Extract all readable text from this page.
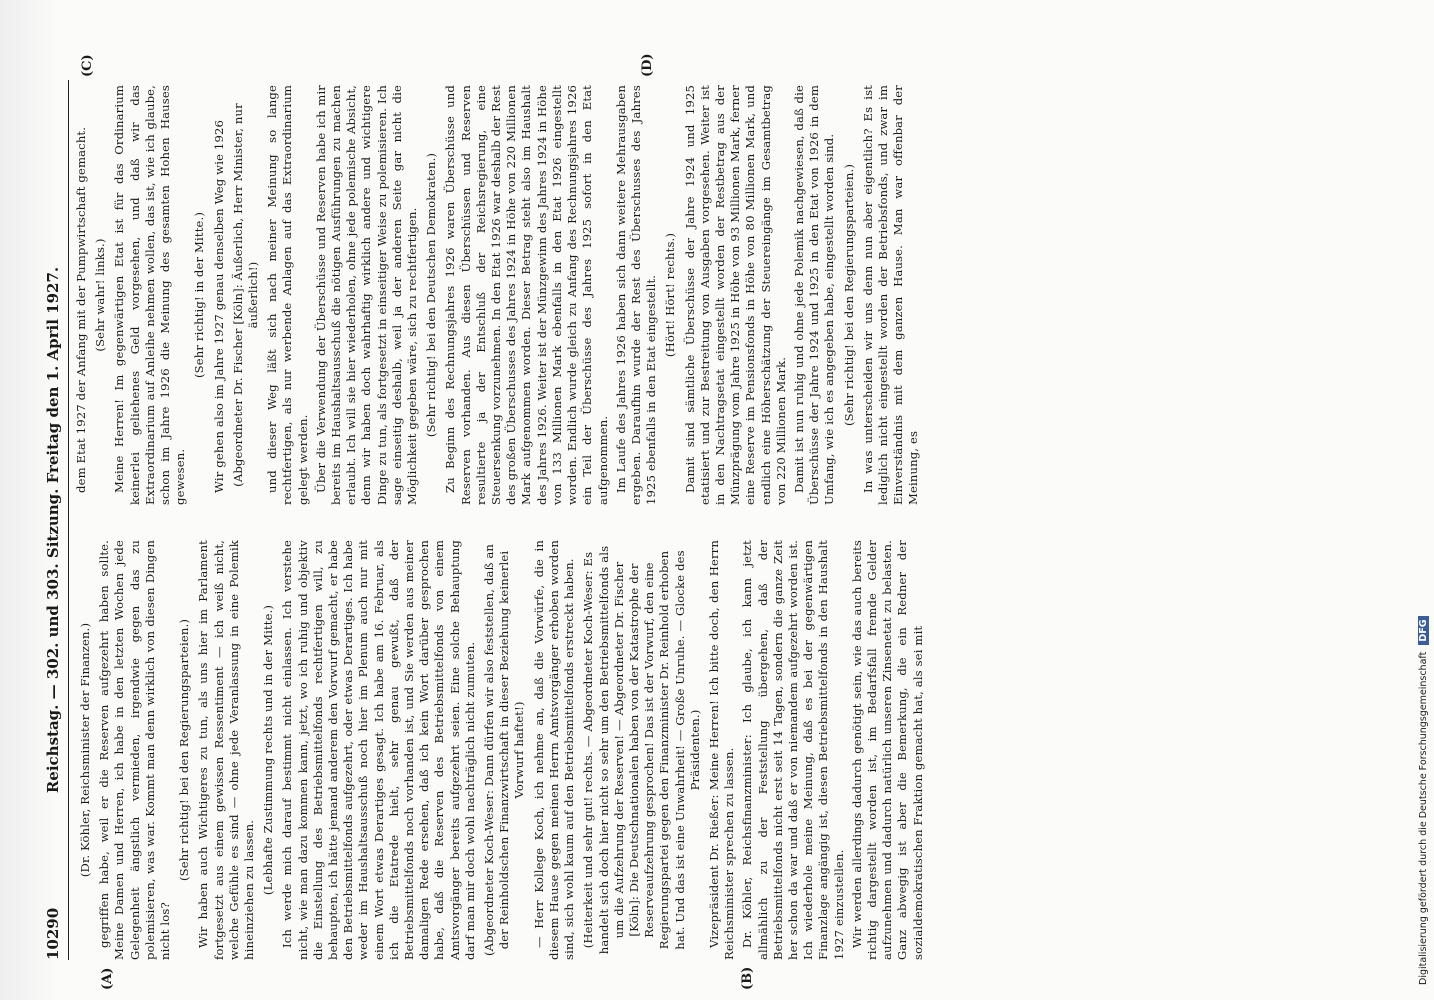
10290
Reichstag. — 302. und 303. Sitzung. Freitag den 1. April 1927.
(A)	(B)
(C)	(D)

(Dr. Köhler, Reichsminister der Finanzen.) gegriffen habe, weil er die Reserven aufgezehrt haben sollte. Meine Damen und Herren, ich habe in den letzten Wochen jede Gelegenheit ängstlich vermieden, irgendwie gegen das zu polemisieren, was war. Kommt man denn wirklich von diesen Dingen nicht los?

(Sehr richtig! bei den Regierungsparteien.) Wir haben auch Wichtigeres zu tun, als uns hier im Parlament fortgesetzt aus einem gewissen Ressentiment — ich weiß nicht, welche Gefühle es sind — ohne jede Veranlassung in eine Polemik hineinziehen zu lassen. (Lebhafte Zustimmung rechts und in der Mitte.) Ich werde mich darauf bestimmt nicht einlassen. Ich verstehe nicht, wie man dazu kommen kann, jetzt, wo ich ruhig und objektiv die Einstellung des Betriebsmittelfonds rechtfertigen will, zu behaupten, ich hätte jemand anderem den Vorwurf gemacht, er habe den Betriebsmittelfonds aufgezehrt, oder etwas Derartiges. Ich habe weder im Haushaltsausschuß noch hier im Plenum auch nur mit einem Wort etwas Derartiges gesagt. Ich habe am 16. Februar, als ich die Etatrede hielt, sehr genau gewußt, daß der Betriebsmittelfonds noch vorhanden ist, und Sie werden aus meiner damaligen Rede ersehen, daß ich kein Wort darüber gesprochen habe, daß die Reserven des Betriebsmittelfonds von einem Amtsvorgänger bereits aufgezehrt seien. Eine solche Behauptung darf man mir doch wohl nachträglich nicht zumuten. (Abgeordneter Koch-Weser: Dann dürfen wir also feststellen, daß an der Reinholdschen Finanzwirtschaft in dieser Beziehung keinerlei Vorwurf haftet!) — Herr Kollege Koch, ich nehme an, daß die Vorwürfe, die in diesem Hause gegen meinen Herrn Amtsvorgänger erhoben worden sind, sich wohl kaum auf den Betriebsmittelfonds erstreckt haben. (Heiterkeit und sehr gut! rechts. — Abgeordneter Koch-Weser: Es handelt sich doch hier nicht so sehr um den Betriebsmittelfonds als um die Aufzehrung der Reserven! — Abgeordneter Dr. Fischer [Köln]: Die Deutschnationalen haben von der Katastrophe der Reserveaufzehrung gesprochen! Das ist der Vorwurf, den eine Regierungspartei gegen den Finanzminister Dr. Reinhold erhoben hat. Und das ist eine Unwahrheit! — Große Unruhe. — Glocke des Präsidenten.) Vizepräsident Dr. Rießer: Meine Herren! Ich bitte doch, den Herrn Reichsminister sprechen zu lassen. Dr. Köhler, Reichsfinanzminister: Ich glaube, ich kann jetzt allmählich zu der Feststellung übergehen, daß der Betriebsmittelfonds nicht erst seit 14 Tagen, sondern die ganze Zeit her schon da war und daß er von niemandem aufgezehrt worden ist. Ich wiederhole meine Meinung, daß es bei der gegenwärtigen Finanzlage angängig ist, diesen Betriebsmittelfonds in den Haushalt 1927 einzustellen. Wir werden allerdings dadurch genötigt sein, wie das auch bereits richtig dargestellt worden ist, im Bedarfsfall fremde Gelder aufzunehmen und dadurch natürlich unseren Zinsenetat zu belasten. Ganz abwegig ist aber die Bemerkung, die ein Redner der sozialdemokratischen Fraktion gemacht hat, als sei mit

dem Etat 1927 der Anfang mit der Pumpwirtschaft gemacht. (Sehr wahr! links.) Meine Herren! Im gegenwärtigen Etat ist für das Ordinarium keinerlei geliehenes Geld vorgesehen, und daß wir das Extraordinarium auf Anleihe nehmen wollen, das ist, wie ich glaube, schon im Jahre 1926 die Meinung des gesamten Hohen Hauses gewesen.

(Sehr richtig! in der Mitte.) Wir gehen also im Jahre 1927 genau denselben Weg wie 1926 (Abgeordneter Dr. Fischer [Köln]: Äußerlich, Herr Minister, nur äußerlich!) und dieser Weg läßt sich nach meiner Meinung so lange rechtfertigen, als nur werbende Anlagen auf das Extraordinarium gelegt werden. Über die Verwendung der Überschüsse und Reserven habe ich mir bereits im Haushaltsausschuß die nötigen Ausführungen zu machen erlaubt. Ich will sie hier wiederholen, ohne jede polemische Absicht, denn wir haben doch wahrhaftig wirklich andere und wichtigere Dinge zu tun, als fortgesetzt in einseitiger Weise zu polemisieren. Ich sage einseitig deshalb, weil ja der anderen Seite gar nicht die Möglichkeit gegeben wäre, sich zu rechtfertigen. (Sehr richtig! bei den Deutschen Demokraten.) Zu Beginn des Rechnungsjahres 1926 waren Überschüsse und Reserven vorhanden. Aus diesen Überschüssen und Reserven resultierte ja der Entschluß der Reichsregierung, eine Steuersenkung vorzunehmen. In den Etat 1926 war deshalb der Rest des großen Überschusses des Jahres 1924 in Höhe von 220 Millionen Mark aufgenommen worden. Dieser Betrag steht also im Haushalt des Jahres 1926. Weiter ist der Münzgewinn des Jahres 1924 in Höhe von 133 Millionen Mark ebenfalls in den Etat 1926 eingestellt worden. Endlich wurde gleich zu Anfang des Rechnungsjahres 1926 ein Teil der Überschüsse des Jahres 1925 sofort in den Etat aufgenommen. Im Laufe des Jahres 1926 haben sich dann weitere Mehrausgaben ergeben. Daraufhin wurde der Rest des Überschusses des Jahres 1925 ebenfalls in den Etat eingestellt. (Hört! Hört! rechts.) Damit sind sämtliche Überschüsse der Jahre 1924 und 1925 etatisiert und zur Bestreitung von Ausgaben vorgesehen. Weiter ist in den Nachtragsetat eingestellt worden der Restbetrag aus der Münzprägung vom Jahre 1925 in Höhe von 93 Millionen Mark, ferner eine Reserve im Pensionsfonds in Höhe von 80 Millionen Mark, und endlich eine Höherschätzung der Steuereingänge im Gesamtbetrag von 220 Millionen Mark. Damit ist nun ruhig und ohne jede Polemik nachgewiesen, daß die Überschüsse der Jahre 1924 und 1925 in den Etat von 1926 in dem Umfang, wie ich es angegeben habe, eingestellt worden sind. (Sehr richtig! bei den Regierungsparteien.) In was unterscheiden wir uns denn nun aber eigentlich? Es ist lediglich nicht eingestellt worden der Betriebsfonds, und zwar im Einverständnis mit dem ganzen Hause. Man war offenbar der Meinung, es

Digitalisierung gefördert durch die Deutsche Forschungsgemeinschaft DFG
